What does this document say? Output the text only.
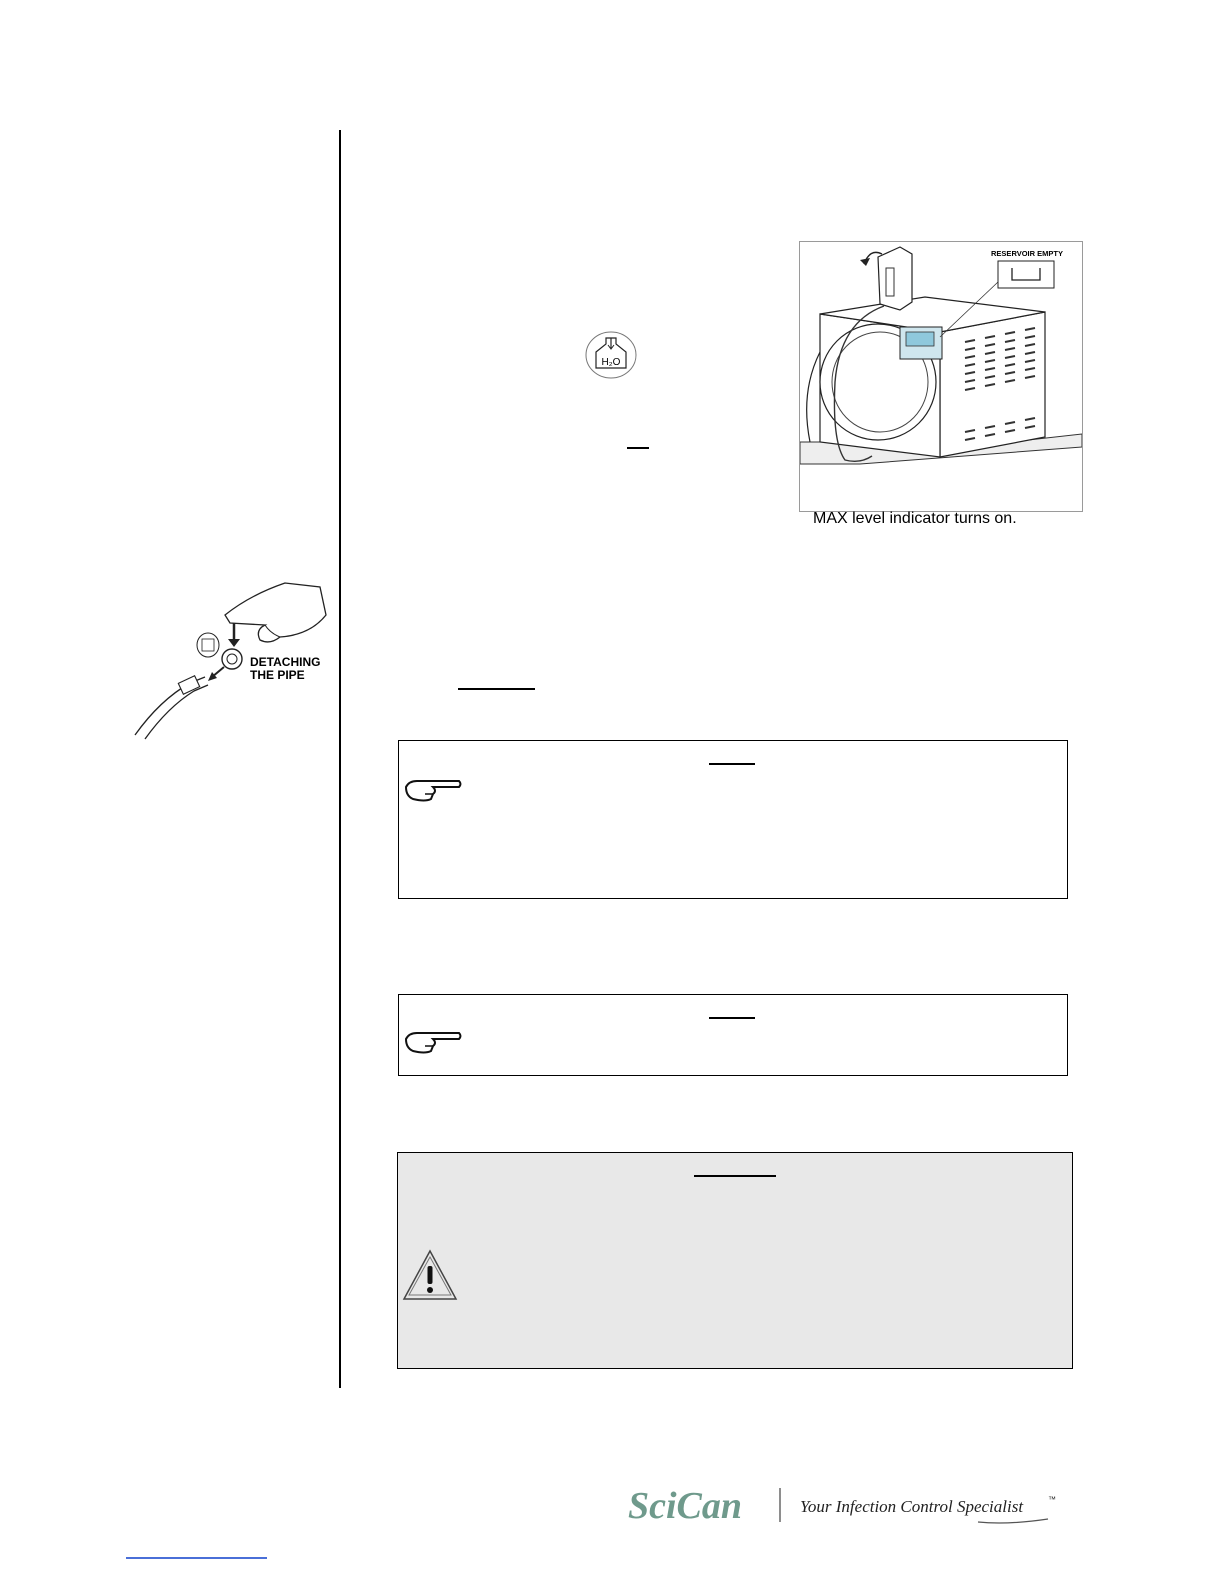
RESERVOIR EMPTY
MAX level indicator turns on.
H₂O
DETACHING
THE PIPE
SciCan	Your Infection Control Specialist	™
